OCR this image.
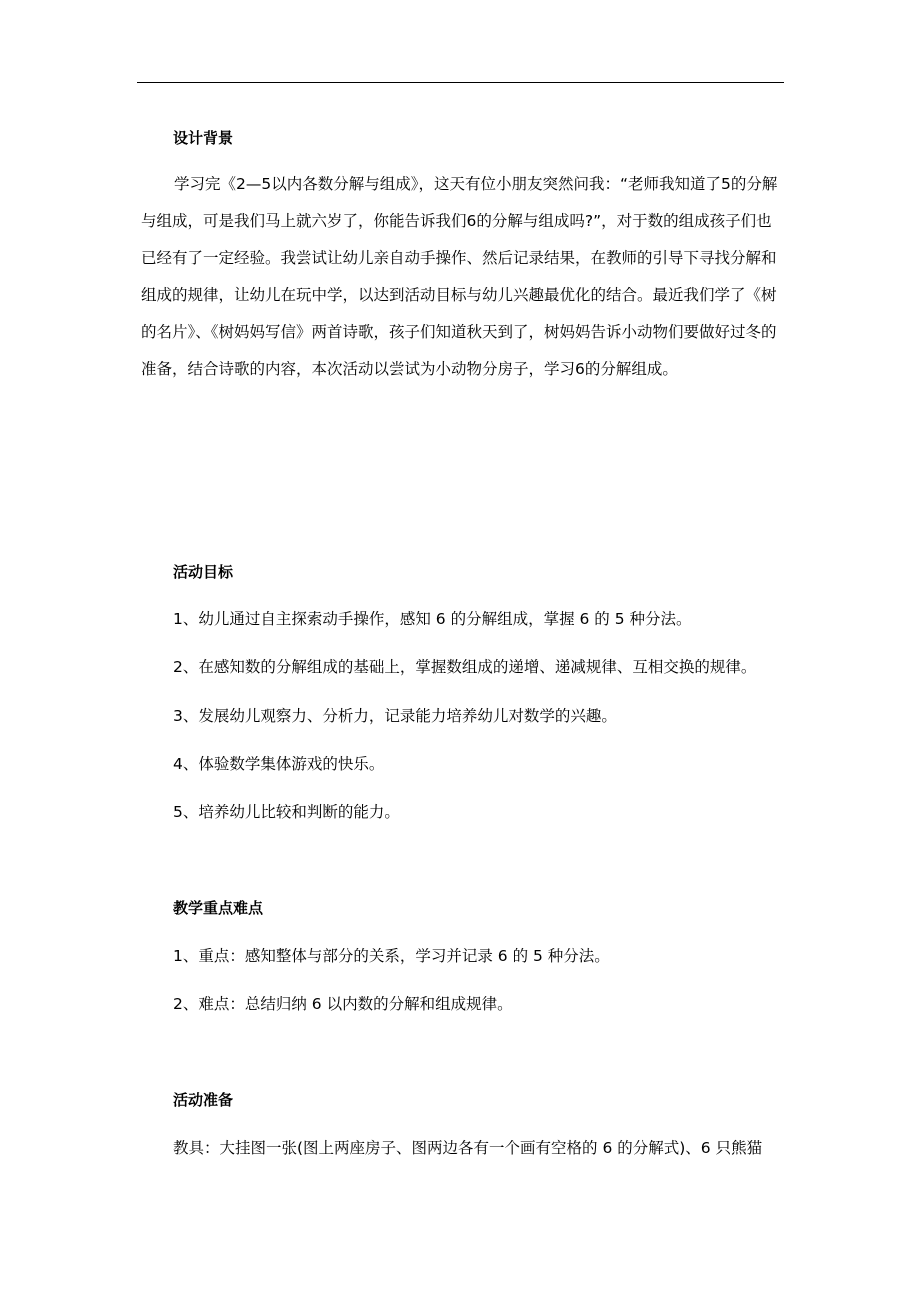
设计背景
学习完《2—5以内各数分解与组成》，这天有位小朋友突然问我：“老师我知道了5的分解与组成，可是我们马上就六岁了，你能告诉我们6的分解与组成吗?”，对于数的组成孩子们也已经有了一定经验。我尝试让幼儿亲自动手操作、然后记录结果，在教师的引导下寻找分解和组成的规律，让幼儿在玩中学，以达到活动目标与幼儿兴趣最优化的结合。最近我们学了《树的名片》、《树妈妈写信》两首诗歌，孩子们知道秋天到了，树妈妈告诉小动物们要做好过冬的准备，结合诗歌的内容，本次活动以尝试为小动物分房子，学习6的分解组成。
活动目标
1、幼儿通过自主探索动手操作，感知 6 的分解组成，掌握 6 的 5 种分法。
2、在感知数的分解组成的基础上，掌握数组成的递增、递减规律、互相交换的规律。
3、发展幼儿观察力、分析力，记录能力培养幼儿对数学的兴趣。
4、体验数学集体游戏的快乐。
5、培养幼儿比较和判断的能力。
教学重点难点
1、重点：感知整体与部分的关系，学习并记录 6 的 5 种分法。
2、难点：总结归纳 6 以内数的分解和组成规律。
活动准备
教具：大挂图一张(图上两座房子、图两边各有一个画有空格的 6 的分解式)、6 只熊猫
